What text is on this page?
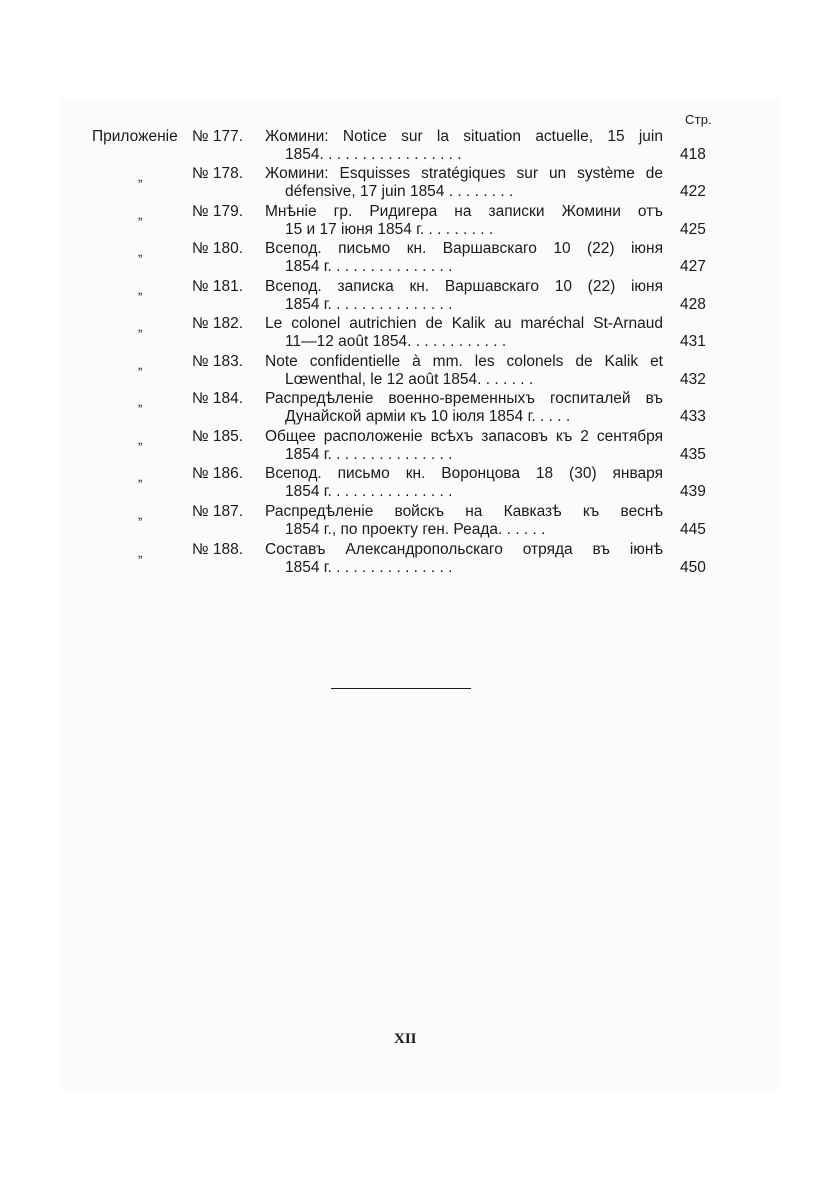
Стр.
Приложеніе № 177. Жомини: Notice sur la situation actuelle, 15 juin
1854. . . . . . . . . . . . . . . . .	418
„	№ 178. Жомини: Esquisses stratégiques sur un système de
défensive, 17 juin 1854 . . . . . . . .	422
„	№ 179. Мнѣніе гр. Ридигера на записки Жомини отъ
15 и 17 іюня 1854 г. . . . . . . . .	425
„	№ 180. Всепод. письмо кн. Варшавскаго 10 (22) іюня
1854 г. . . . . . . . . . . . . . .	427
„	№ 181. Всепод. записка кн. Варшавскаго 10 (22) іюня
1854 г. . . . . . . . . . . . . . .	428
„	№ 182. Le colonel autrichien de Kalik au maréchal St-Arnaud
11—12 août 1854. . . . . . . . . . . .	431
„	№ 183. Note confidentielle à mm. les colonels de Kalik et
Lœwenthal, le 12 août 1854. . . . . . .	432
„	№ 184. Распредѣленіе военно-временныхъ госпиталей въ
Дунайской арміи къ 10 іюля 1854 г. . . . .	433
„	№ 185. Общее расположеніе всѣхъ запасовъ къ 2 сентября
1854 г. . . . . . . . . . . . . . .	435
„	№ 186. Всепод. письмо кн. Воронцова 18 (30) января
1854 г. . . . . . . . . . . . . . .	439
„	№ 187. Распредѣленіе войскъ на Кавказѣ къ веснѣ
1854 г., по проекту ген. Реада. . . . . .	445
„	№ 188. Составъ Александропольскаго отряда въ іюнѣ
1854 г. . . . . . . . . . . . . . .	450
XII
